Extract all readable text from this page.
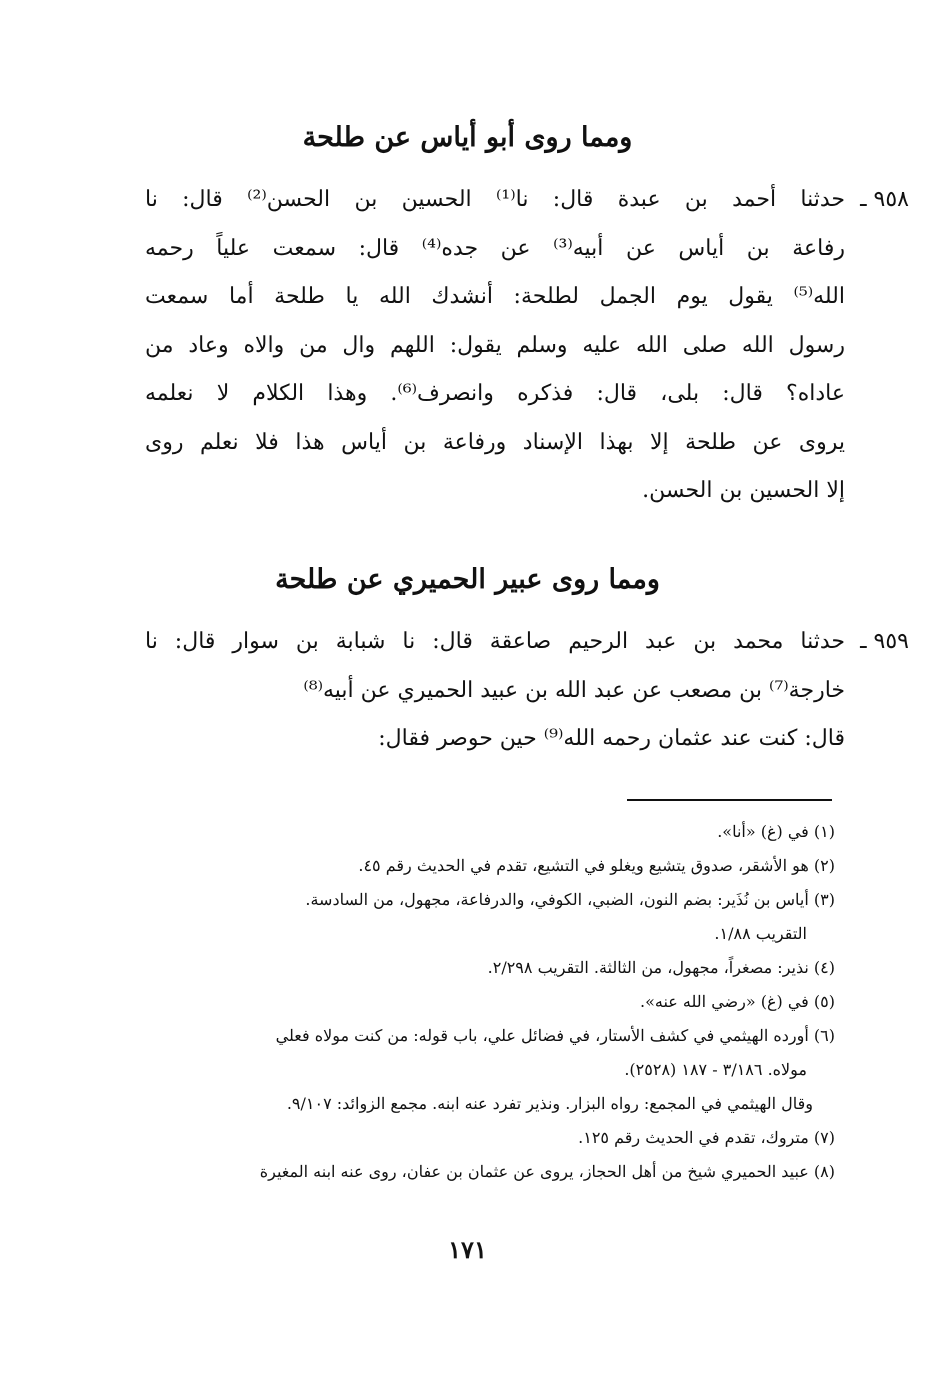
ومما روى أبو أياس عن طلحة
٩٥٨ ـ
حدثنا أحمد بن عبدة قال: نا⁽¹⁾ الحسين بن الحسن⁽²⁾ قال: نا
رفاعة بن أياس عن أبيه⁽³⁾ عن جده⁽⁴⁾ قال: سمعت علياً رحمه
الله⁽⁵⁾ يقول يوم الجمل لطلحة: أنشدك الله يا طلحة أما سمعت
رسول الله صلى الله عليه وسلم يقول: اللهم وال من والاه وعاد من
عاداه؟ قال: بلى، قال: فذكره وانصرف⁽⁶⁾. وهذا الكلام لا نعلمه
يروى عن طلحة إلا بهذا الإسناد ورفاعة بن أياس هذا فلا نعلم روى
إلا الحسين بن الحسن.
ومما روى عبير الحميري عن طلحة
٩٥٩ ـ
حدثنا محمد بن عبد الرحيم صاعقة قال: نا شبابة بن سوار قال: نا
خارجة⁽⁷⁾ بن مصعب عن عبد الله بن عبيد الحميري عن أبيه⁽⁸⁾
قال: كنت عند عثمان رحمه الله⁽⁹⁾ حين حوصر فقال:
(١) في (غ) «أنا».
(٢) هو الأشقر، صدوق يتشيع ويغلو في التشيع، تقدم في الحديث رقم ٤٥.
(٣) أياس بن نُذَير: بضم النون، الضبي، الكوفي، والدرفاعة، مجهول، من السادسة.
التقريب ١/٨٨.
(٤) نذير: مصغراً، مجهول، من الثالثة. التقريب ٢/٢٩٨.
(٥) في (غ) «رضي الله عنه».
(٦) أورده الهيثمي في كشف الأستار، في فضائل علي، باب قوله: من كنت مولاه فعلي
مولاه. ٣/١٨٦ - ١٨٧ (٢٥٢٨).
وقال الهيثمي في المجمع: رواه البزار. ونذير تفرد عنه ابنه. مجمع الزوائد: ٩/١٠٧.
(٧) متروك، تقدم في الحديث رقم ١٢٥.
(٨) عبيد الحميري شيخ من أهل الحجاز، يروى عن عثمان بن عفان، روى عنه ابنه المغيرة
١٧١
